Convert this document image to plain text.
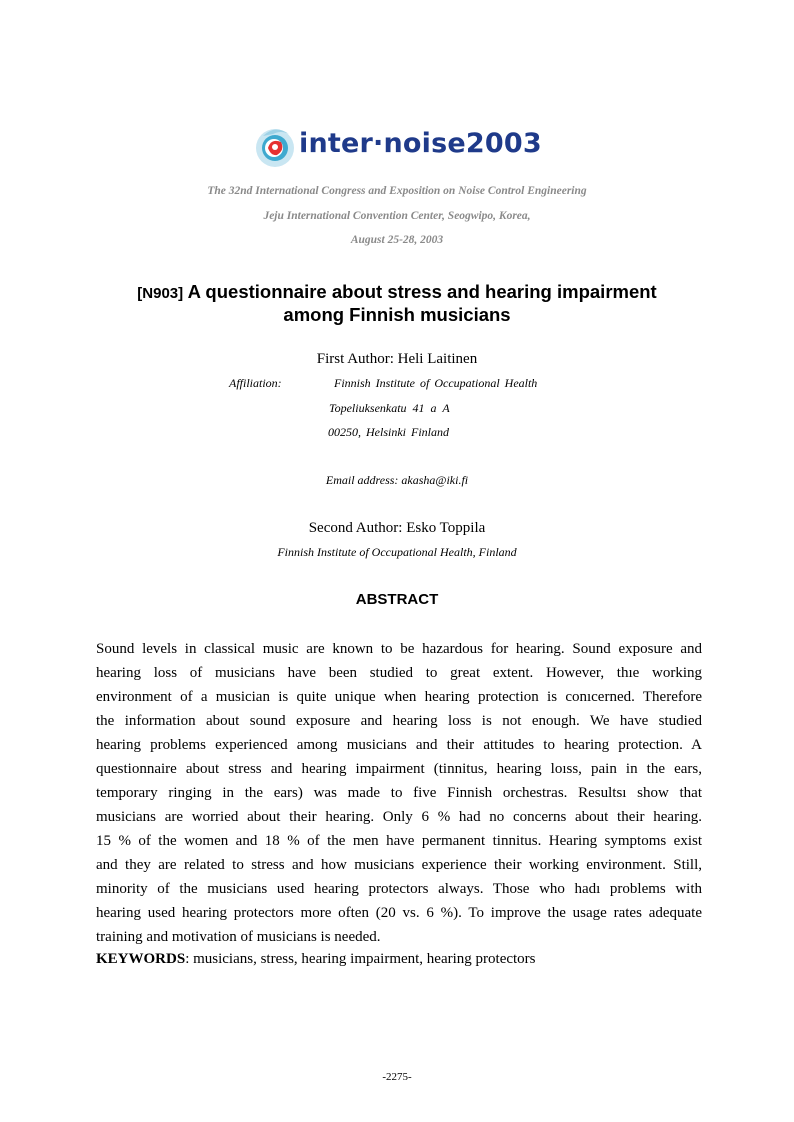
inter·noise2003
The 32nd International Congress and Exposition on Noise Control Engineering
Jeju International Convention Center, Seogwipo, Korea,
August 25-28, 2003
[N903] A questionnaire about stress and hearing impairment
among Finnish musicians
First Author: Heli Laitinen
Affiliation:	Finnish Institute of Occupational Health
Topeliuksenkatu 41 a A
00250, Helsinki Finland
Email address: akasha@iki.fi
Second Author: Esko Toppila
Finnish Institute of Occupational Health, Finland
ABSTRACT
Sound levels in classical music are known to be hazardous for hearing. Sound exposure and
hearing loss of musicians have been studied to great extent. However, thıe working
environment of a musician is quite unique when hearing protection is conıcerned. Therefore
the information about sound exposure and hearing loss is not enough. We have studied
hearing problems experienced among musicians and their attitudes to hearing protection. A
questionnaire about stress and hearing impairment (tinnitus, hearing loıss, pain in the ears,
temporary ringing in the ears) was made to five Finnish orchestras. Resultsı show that
musicians are worried about their hearing. Only 6 % had no concerns about their hearing.
15 % of the women and 18 % of the men have permanent tinnitus. Hearing symptoms exist
and they are related to stress and how musicians experience their working environment. Still,
minority of the musicians used hearing protectors always. Those who hadı problems with
hearing used hearing protectors more often (20 vs. 6 %). To improve the usage rates adequate
training and motivation of musicians is needed.
KEYWORDS: musicians, stress, hearing impairment, hearing protectors
-2275-
